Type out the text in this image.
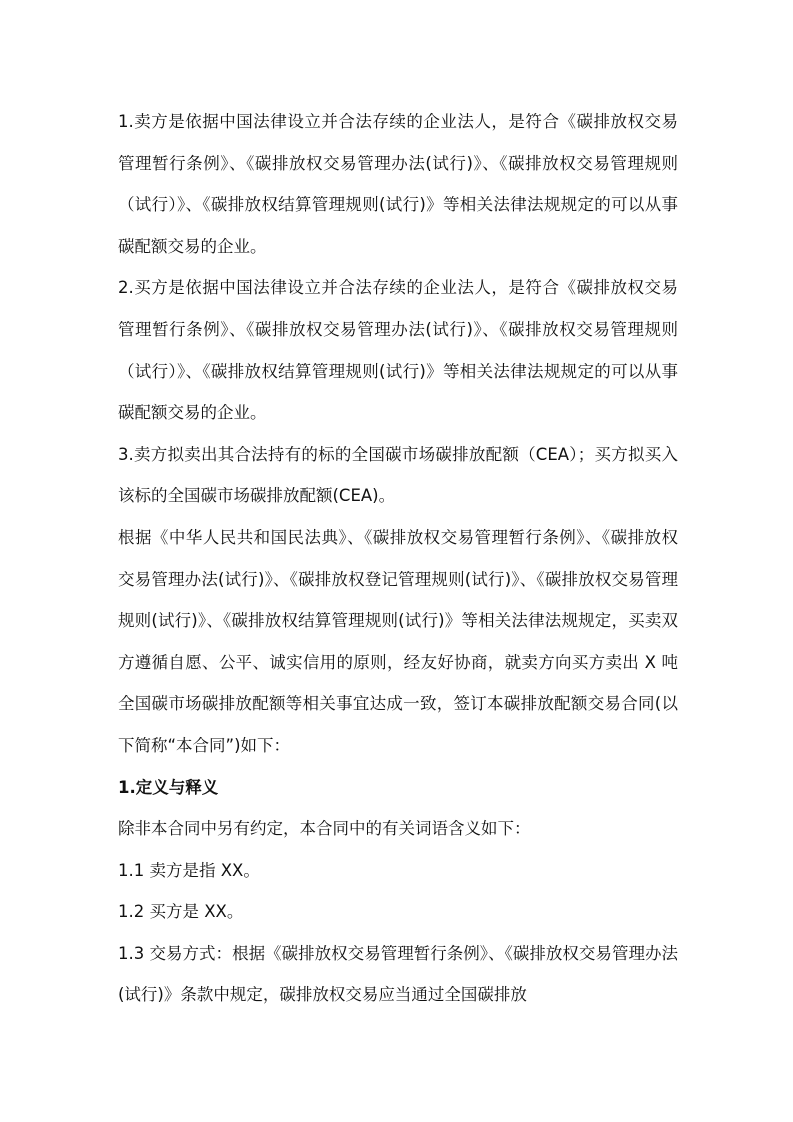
1.卖方是依据中国法律设立并合法存续的企业法人，是符合《碳排放权交易管理暂行条例》、《碳排放权交易管理办法(试行)》、《碳排放权交易管理规则（试行）》、《碳排放权结算管理规则(试行)》等相关法律法规规定的可以从事碳配额交易的企业。

2.买方是依据中国法律设立并合法存续的企业法人，是符合《碳排放权交易管理暂行条例》、《碳排放权交易管理办法(试行)》、《碳排放权交易管理规则（试行）》、《碳排放权结算管理规则(试行)》等相关法律法规规定的可以从事碳配额交易的企业。

3.卖方拟卖出其合法持有的标的全国碳市场碳排放配额（CEA）；买方拟买入该标的全国碳市场碳排放配额(CEA)。

根据《中华人民共和国民法典》、《碳排放权交易管理暂行条例》、《碳排放权交易管理办法(试行)》、《碳排放权登记管理规则(试行)》、《碳排放权交易管理规则(试行)》、《碳排放权结算管理规则(试行)》等相关法律法规规定，买卖双方遵循自愿、公平、诚实信用的原则，经友好协商，就卖方向买方卖出 X 吨全国碳市场碳排放配额等相关事宜达成一致，签订本碳排放配额交易合同(以下简称“本合同”)如下：

1.定义与释义

除非本合同中另有约定，本合同中的有关词语含义如下：

1.1 卖方是指 XX。

1.2 买方是 XX。

1.3 交易方式：根据《碳排放权交易管理暂行条例》、《碳排放权交易管理办法(试行)》条款中规定，碳排放权交易应当通过全国碳排放
